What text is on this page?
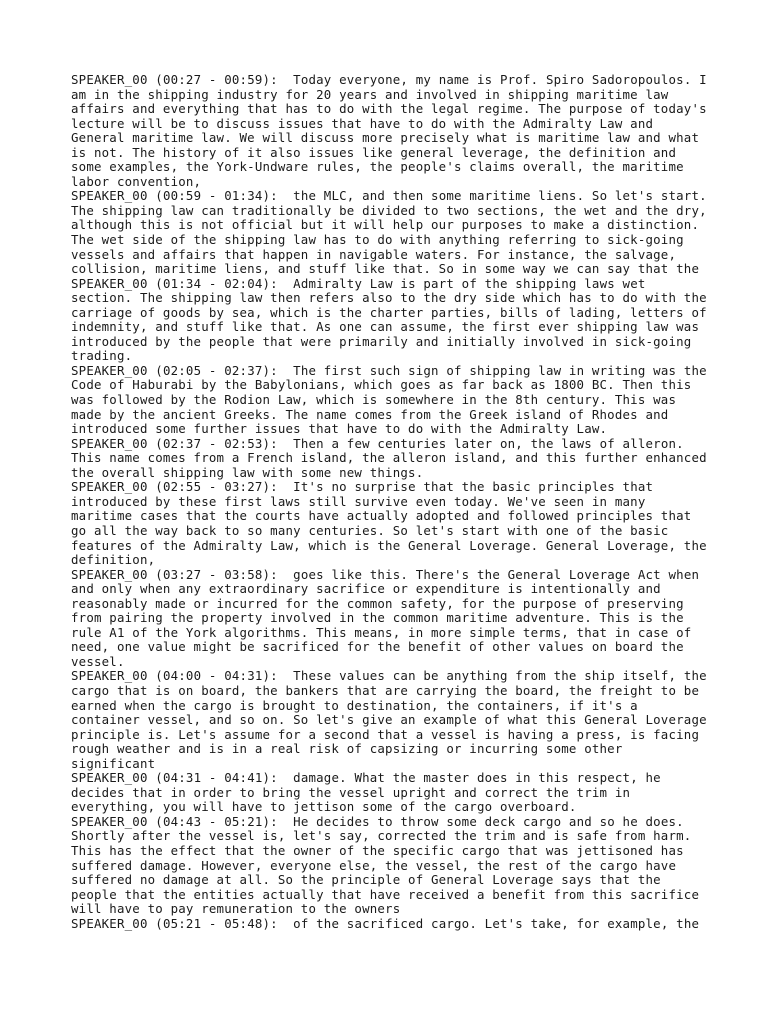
SPEAKER_00 (00:27 - 00:59): Today everyone, my name is Prof. Spiro Sadoropoulos. I am in the shipping industry for 20 years and involved in shipping maritime law affairs and everything that has to do with the legal regime. The purpose of today's lecture will be to discuss issues that have to do with the Admiralty Law and General maritime law. We will discuss more precisely what is maritime law and what is not. The history of it also issues like general leverage, the definition and some examples, the York-Undware rules, the people's claims overall, the maritime labor convention,

SPEAKER_00 (00:59 - 01:34): the MLC, and then some maritime liens. So let's start. The shipping law can traditionally be divided to two sections, the wet and the dry, although this is not official but it will help our purposes to make a distinction. The wet side of the shipping law has to do with anything referring to sick-going vessels and affairs that happen in navigable waters. For instance, the salvage, collision, maritime liens, and stuff like that. So in some way we can say that the

SPEAKER_00 (01:34 - 02:04): Admiralty Law is part of the shipping laws wet section. The shipping law then refers also to the dry side which has to do with the carriage of goods by sea, which is the charter parties, bills of lading, letters of indemnity, and stuff like that. As one can assume, the first ever shipping law was introduced by the people that were primarily and initially involved in sick-going trading.

SPEAKER_00 (02:05 - 02:37): The first such sign of shipping law in writing was the Code of Haburabi by the Babylonians, which goes as far back as 1800 BC. Then this was followed by the Rodion Law, which is somewhere in the 8th century. This was made by the ancient Greeks. The name comes from the Greek island of Rhodes and introduced some further issues that have to do with the Admiralty Law.

SPEAKER_00 (02:37 - 02:53): Then a few centuries later on, the laws of alleron. This name comes from a French island, the alleron island, and this further enhanced the overall shipping law with some new things.

SPEAKER_00 (02:55 - 03:27): It's no surprise that the basic principles that introduced by these first laws still survive even today. We've seen in many maritime cases that the courts have actually adopted and followed principles that go all the way back to so many centuries. So let's start with one of the basic features of the Admiralty Law, which is the General Loverage. General Loverage, the definition,

SPEAKER_00 (03:27 - 03:58): goes like this. There's the General Loverage Act when and only when any extraordinary sacrifice or expenditure is intentionally and reasonably made or incurred for the common safety, for the purpose of preserving from pairing the property involved in the common maritime adventure. This is the rule A1 of the York algorithms. This means, in more simple terms, that in case of need, one value might be sacrificed for the benefit of other values on board the vessel.

SPEAKER_00 (04:00 - 04:31): These values can be anything from the ship itself, the cargo that is on board, the bankers that are carrying the board, the freight to be earned when the cargo is brought to destination, the containers, if it's a container vessel, and so on. So let's give an example of what this General Loverage principle is. Let's assume for a second that a vessel is having a press, is facing rough weather and is in a real risk of capsizing or incurring some other significant

SPEAKER_00 (04:31 - 04:41): damage. What the master does in this respect, he decides that in order to bring the vessel upright and correct the trim in everything, you will have to jettison some of the cargo overboard.

SPEAKER_00 (04:43 - 05:21): He decides to throw some deck cargo and so he does. Shortly after the vessel is, let's say, corrected the trim and is safe from harm. This has the effect that the owner of the specific cargo that was jettisoned has suffered damage. However, everyone else, the vessel, the rest of the cargo have suffered no damage at all. So the principle of General Loverage says that the people that the entities actually that have received a benefit from this sacrifice will have to pay remuneration to the owners

SPEAKER_00 (05:21 - 05:48): of the sacrificed cargo. Let's take, for example, the
